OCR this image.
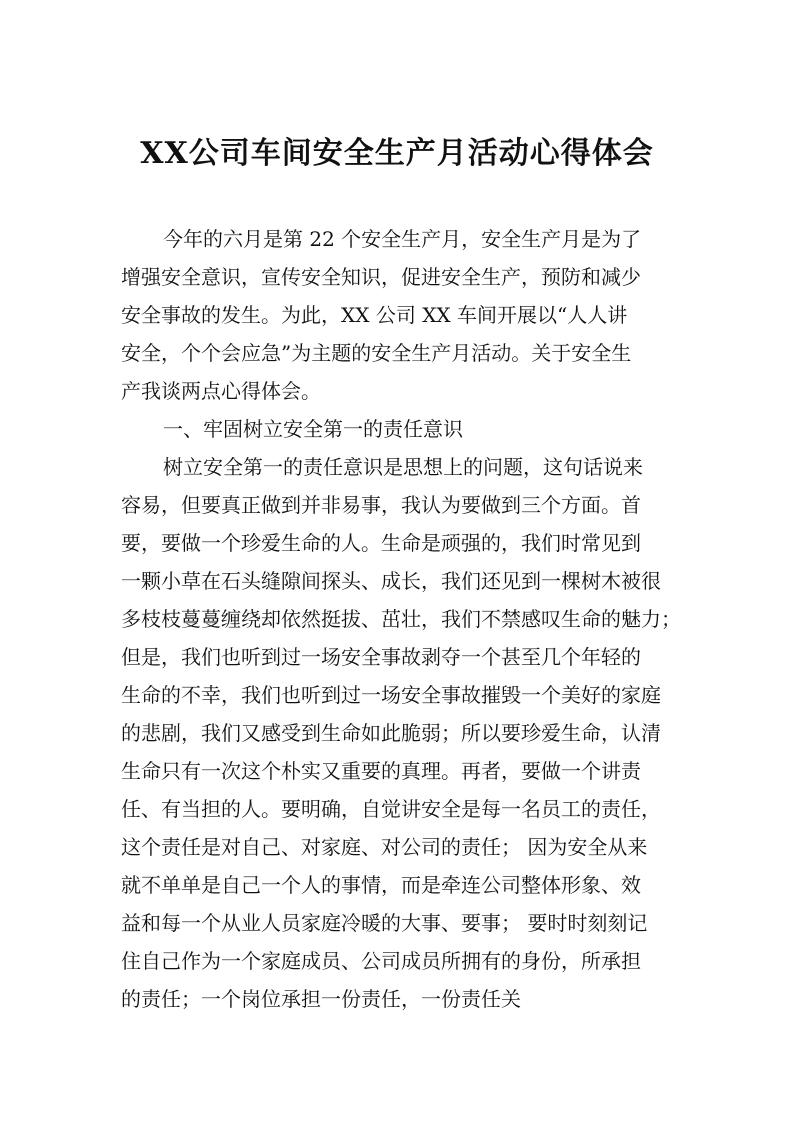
XX公司车间安全生产月活动心得体会
今年的六月是第 22 个安全生产月，安全生产月是为了
增强安全意识，宣传安全知识，促进安全生产，预防和减少
安全事故的发生。为此，XX 公司 XX 车间开展以“人人讲
安全，个个会应急”为主题的安全生产月活动。关于安全生
产我谈两点心得体会。
一、牢固树立安全第一的责任意识
树立安全第一的责任意识是思想上的问题，这句话说来
容易，但要真正做到并非易事，我认为要做到三个方面。首
要，要做一个珍爱生命的人。生命是顽强的，我们时常见到
一颗小草在石头缝隙间探头、成长，我们还见到一棵树木被很
多枝枝蔓蔓缠绕却依然挺拔、茁壮，我们不禁感叹生命的魅力；
但是，我们也听到过一场安全事故剥夺一个甚至几个年轻的
生命的不幸，我们也听到过一场安全事故摧毁一个美好的家庭
的悲剧，我们又感受到生命如此脆弱；所以要珍爱生命，认清
生命只有一次这个朴实又重要的真理。再者，要做一个讲责
任、有当担的人。要明确，自觉讲安全是每一名员工的责任，
这个责任是对自己、对家庭、对公司的责任； 因为安全从来
就不单单是自己一个人的事情，而是牵连公司整体形象、效
益和每一个从业人员家庭冷暖的大事、要事； 要时时刻刻记
住自己作为一个家庭成员、公司成员所拥有的身份，所承担
的责任；一个岗位承担一份责任，一份责任关
